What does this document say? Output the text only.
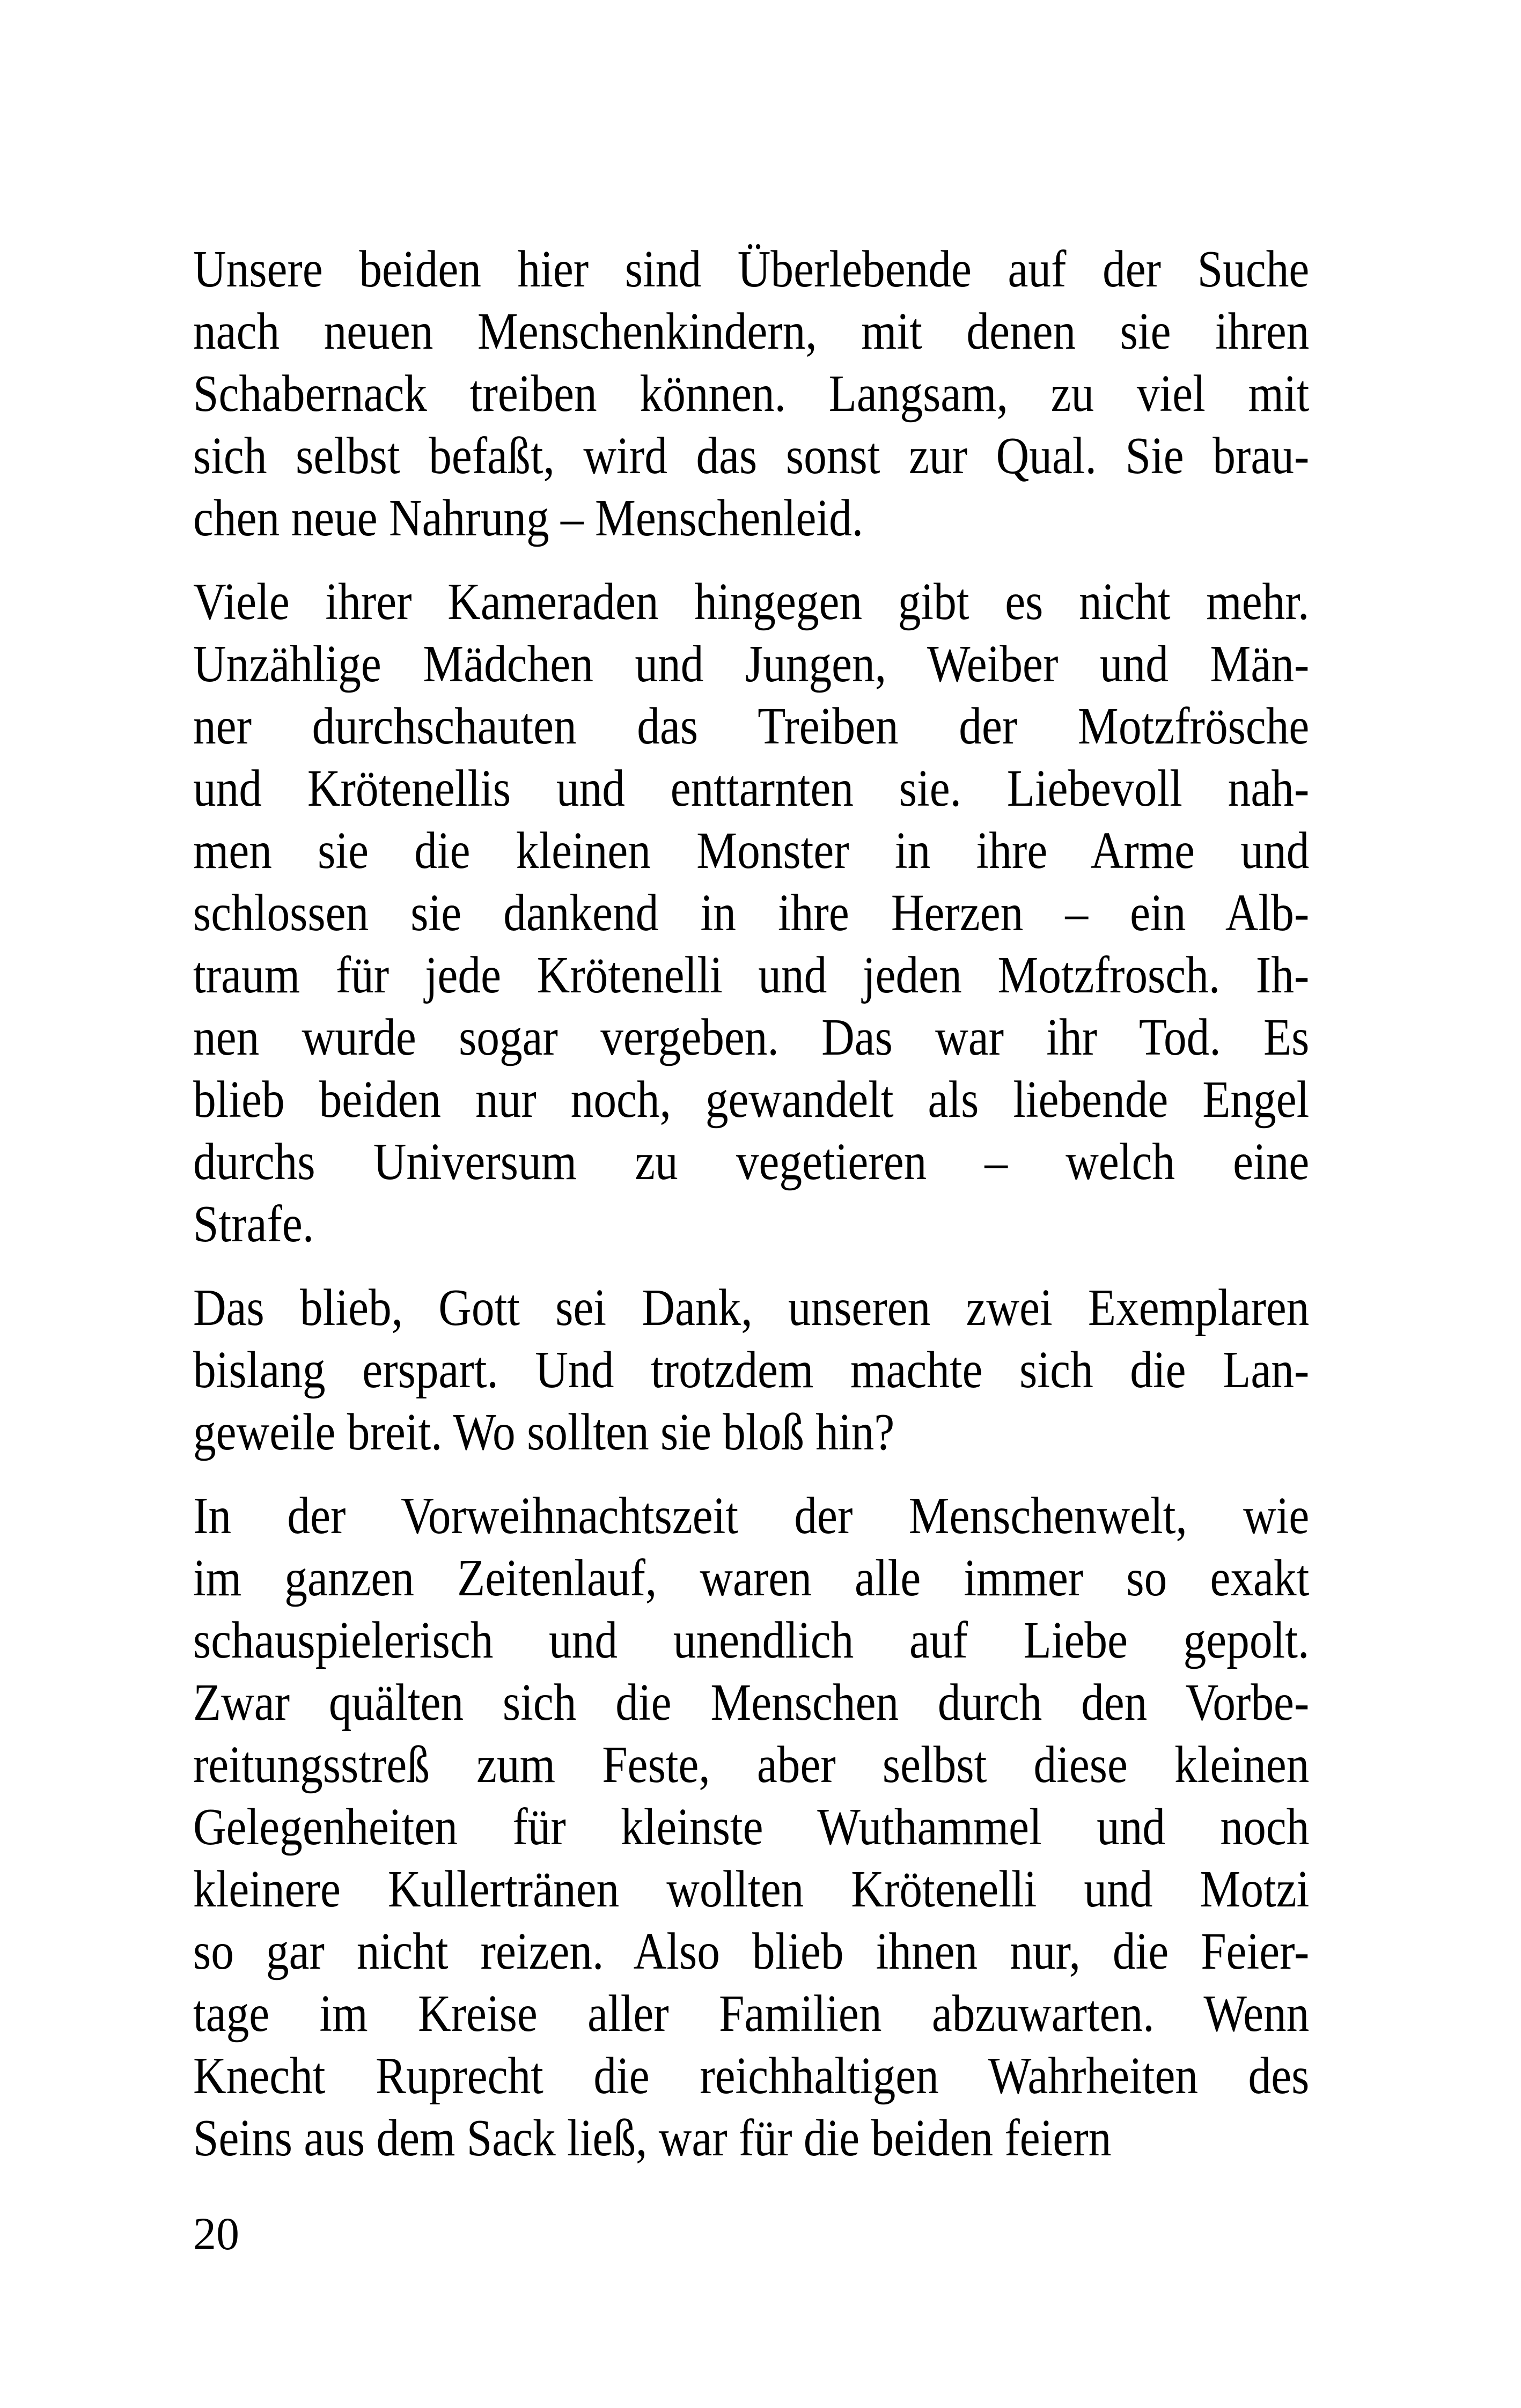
Unsere beiden hier sind Überlebende auf der Suche
nach neuen Menschenkindern, mit denen sie ihren
Schabernack treiben können. Langsam, zu viel mit
sich selbst befaßt, wird das sonst zur Qual. Sie brau-
chen neue Nahrung – Menschenleid.

Viele ihrer Kameraden hingegen gibt es nicht mehr.
Unzählige Mädchen und Jungen, Weiber und Män-
ner durchschauten das Treiben der Motzfrösche
und Krötenellis und enttarnten sie. Liebevoll nah-
men sie die kleinen Monster in ihre Arme und
schlossen sie dankend in ihre Herzen – ein Alb-
traum für jede Krötenelli und jeden Motzfrosch. Ih-
nen wurde sogar vergeben. Das war ihr Tod. Es
blieb beiden nur noch, gewandelt als liebende Engel
durchs Universum zu vegetieren – welch eine
Strafe.

Das blieb, Gott sei Dank, unseren zwei Exemplaren
bislang erspart. Und trotzdem machte sich die Lan-
geweile breit. Wo sollten sie bloß hin?

In der Vorweihnachtszeit der Menschenwelt, wie
im ganzen Zeitenlauf, waren alle immer so exakt
schauspielerisch und unendlich auf Liebe gepolt.
Zwar quälten sich die Menschen durch den Vorbe-
reitungsstreß zum Feste, aber selbst diese kleinen
Gelegenheiten für kleinste Wuthammel und noch
kleinere Kullertränen wollten Krötenelli und Motzi
so gar nicht reizen. Also blieb ihnen nur, die Feier-
tage im Kreise aller Familien abzuwarten. Wenn
Knecht Ruprecht die reichhaltigen Wahrheiten des
Seins aus dem Sack ließ, war für die beiden feiern

20
